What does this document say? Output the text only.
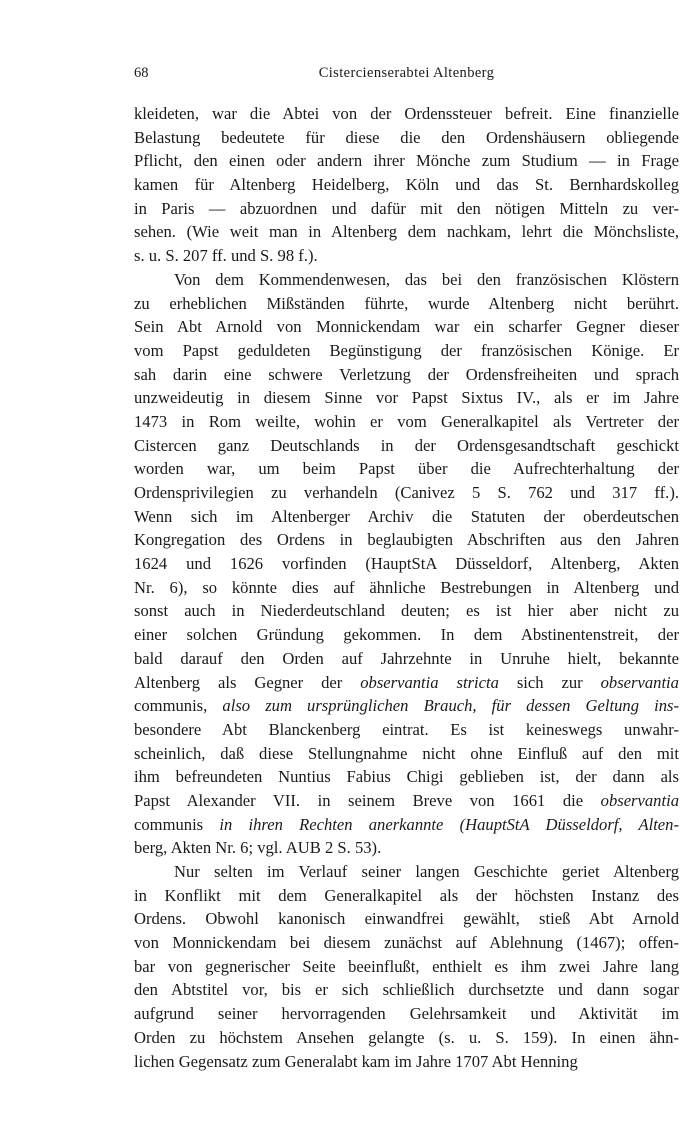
68	Cistercienserabtei Altenberg
kleideten, war die Abtei von der Ordenssteuer befreit. Eine finanzielle
Belastung bedeutete für diese die den Ordenshäusern obliegende
Pflicht, den einen oder andern ihrer Mönche zum Studium — in Frage
kamen für Altenberg Heidelberg, Köln und das St. Bernhardskolleg
in Paris — abzuordnen und dafür mit den nötigen Mitteln zu ver-
sehen. (Wie weit man in Altenberg dem nachkam, lehrt die Mönchsliste,
s. u. S. 207 ff. und S. 98 f.).
Von dem Kommendenwesen, das bei den französischen Klöstern
zu erheblichen Mißständen führte, wurde Altenberg nicht berührt.
Sein Abt Arnold von Monnickendam war ein scharfer Gegner dieser
vom Papst geduldeten Begünstigung der französischen Könige. Er
sah darin eine schwere Verletzung der Ordensfreiheiten und sprach
unzweideutig in diesem Sinne vor Papst Sixtus IV., als er im Jahre
1473 in Rom weilte, wohin er vom Generalkapitel als Vertreter der
Cistercen ganz Deutschlands in der Ordensgesandtschaft geschickt
worden war, um beim Papst über die Aufrechterhaltung der
Ordensprivilegien zu verhandeln (Canivez 5 S. 762 und 317 ff.).
Wenn sich im Altenberger Archiv die Statuten der oberdeutschen
Kongregation des Ordens in beglaubigten Abschriften aus den Jahren
1624 und 1626 vorfinden (HauptStA Düsseldorf, Altenberg, Akten
Nr. 6), so könnte dies auf ähnliche Bestrebungen in Altenberg und
sonst auch in Niederdeutschland deuten; es ist hier aber nicht zu
einer solchen Gründung gekommen. In dem Abstinentenstreit, der
bald darauf den Orden auf Jahrzehnte in Unruhe hielt, bekannte
Altenberg als Gegner der observantia stricta sich zur observantia
communis, also zum ursprünglichen Brauch, für dessen Geltung ins-
besondere Abt Blanckenberg eintrat. Es ist keineswegs unwahr-
scheinlich, daß diese Stellungnahme nicht ohne Einfluß auf den mit
ihm befreundeten Nuntius Fabius Chigi geblieben ist, der dann als
Papst Alexander VII. in seinem Breve von 1661 die observantia
communis in ihren Rechten anerkannte (HauptStA Düsseldorf, Alten-
berg, Akten Nr. 6; vgl. AUB 2 S. 53).
Nur selten im Verlauf seiner langen Geschichte geriet Altenberg
in Konflikt mit dem Generalkapitel als der höchsten Instanz des
Ordens. Obwohl kanonisch einwandfrei gewählt, stieß Abt Arnold
von Monnickendam bei diesem zunächst auf Ablehnung (1467); offen-
bar von gegnerischer Seite beeinflußt, enthielt es ihm zwei Jahre lang
den Abtstitel vor, bis er sich schließlich durchsetzte und dann sogar
aufgrund seiner hervorragenden Gelehrsamkeit und Aktivität im
Orden zu höchstem Ansehen gelangte (s. u. S. 159). In einen ähn-
lichen Gegensatz zum Generalabt kam im Jahre 1707 Abt Henning
